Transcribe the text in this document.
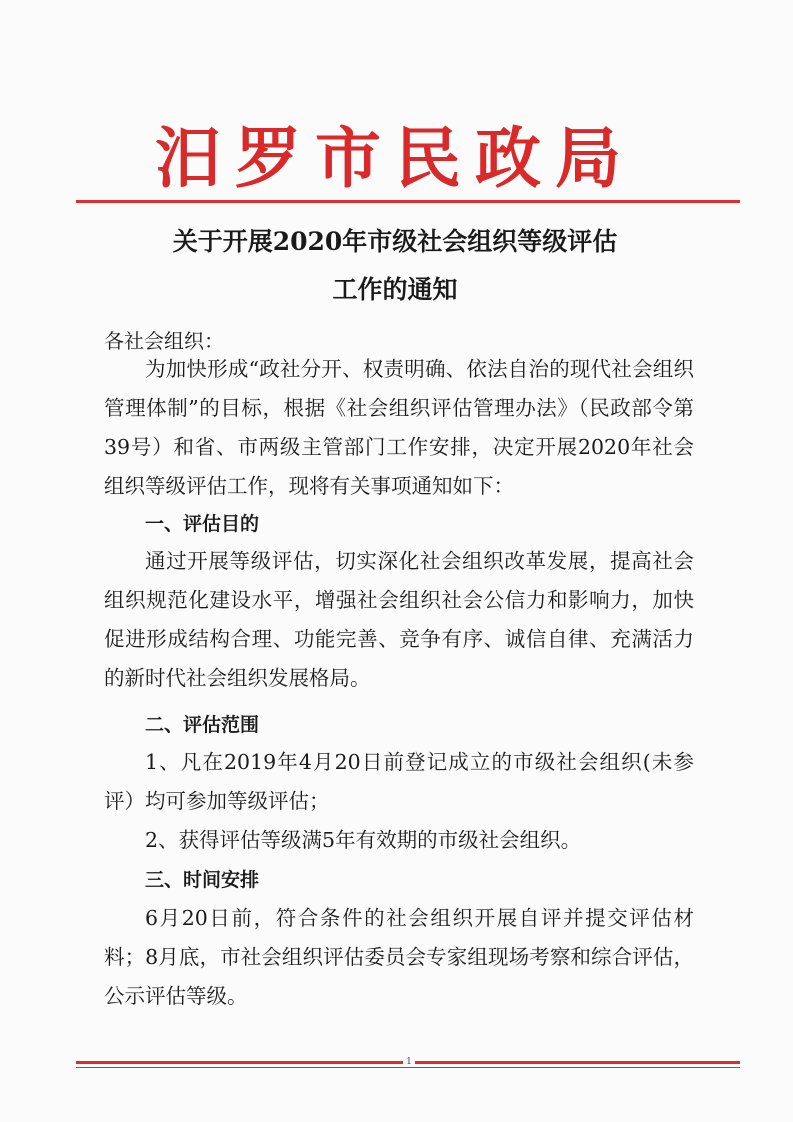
汨罗市民政局
关于开展2020年市级社会组织等级评估
工作的通知
各社会组织：
为加快形成“政社分开、权责明确、依法自治的现代社会组织管理体制”的目标，根据《社会组织评估管理办法》（民政部令第39号）和省、市两级主管部门工作安排，决定开展2020年社会组织等级评估工作，现将有关事项通知如下：
一、评估目的
通过开展等级评估，切实深化社会组织改革发展，提高社会组织规范化建设水平，增强社会组织社会公信力和影响力，加快促进形成结构合理、功能完善、竞争有序、诚信自律、充满活力的新时代社会组织发展格局。
二、评估范围
1、凡在2019年4月20日前登记成立的市级社会组织(未参评）均可参加等级评估；
2、获得评估等级满5年有效期的市级社会组织。
三、时间安排
6月20日前，符合条件的社会组织开展自评并提交评估材料；8月底，市社会组织评估委员会专家组现场考察和综合评估，公示评估等级。
1
